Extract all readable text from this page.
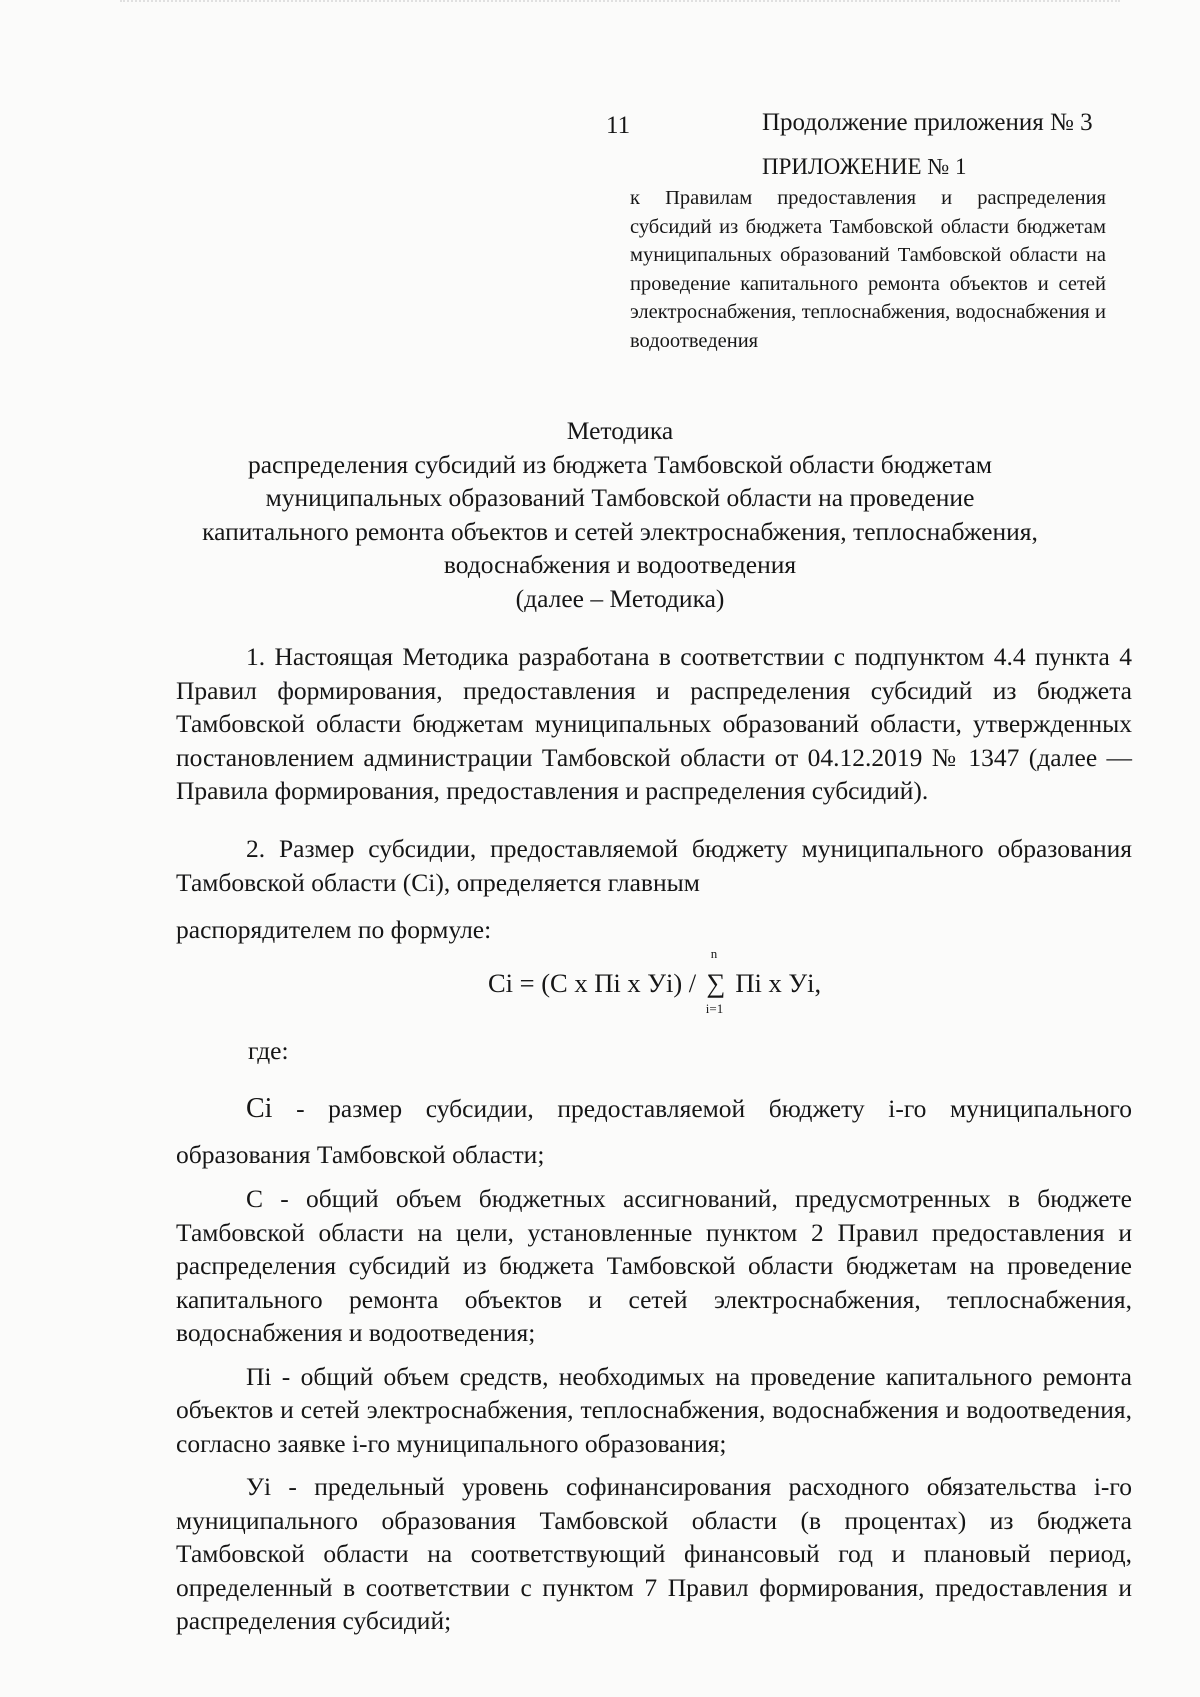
11	Продолжение приложения № 3
ПРИЛОЖЕНИЕ № 1
к Правилам предоставления и распределения субсидий из бюджета Тамбовской области бюджетам муниципальных образований Тамбовской области на проведение капитального ремонта объектов и сетей электроснабжения, теплоснабжения, водоснабжения и водоотведения
Методика
распределения субсидий из бюджета Тамбовской области бюджетам
муниципальных образований Тамбовской области на проведение
капитального ремонта объектов и сетей электроснабжения, теплоснабжения,
водоснабжения и водоотведения
(далее – Методика)
1. Настоящая Методика разработана в соответствии с подпунктом 4.4 пункта 4 Правил формирования, предоставления и распределения субсидий из бюджета Тамбовской области бюджетам муниципальных образований области, утвержденных постановлением администрации Тамбовской области от 04.12.2019 № 1347 (далее — Правила формирования, предоставления и распределения субсидий).
2. Размер субсидии, предоставляемой бюджету муниципального образования Тамбовской области (Сi), определяется главным
распорядителем по формуле:
Сi = (С x Пi x Уi) /
n
∑
i=1
Пi x Уi,
где:

Сi - размер субсидии, предоставляемой бюджету i-го муниципального образования Тамбовской области;

С - общий объем бюджетных ассигнований, предусмотренных в бюджете Тамбовской области на цели, установленные пунктом 2 Правил предоставления и распределения субсидий из бюджета Тамбовской области бюджетам на проведение капитального ремонта объектов и сетей электроснабжения, теплоснабжения, водоснабжения и водоотведения;

Пi - общий объем средств, необходимых на проведение капитального ремонта объектов и сетей электроснабжения, теплоснабжения, водоснабжения и водоотведения, согласно заявке i-го муниципального образования;

Уi - предельный уровень софинансирования расходного обязательства i-го муниципального образования Тамбовской области (в процентах) из бюджета Тамбовской области на соответствующий финансовый год и плановый период, определенный в соответствии с пунктом 7 Правил формирования, предоставления и распределения субсидий;
